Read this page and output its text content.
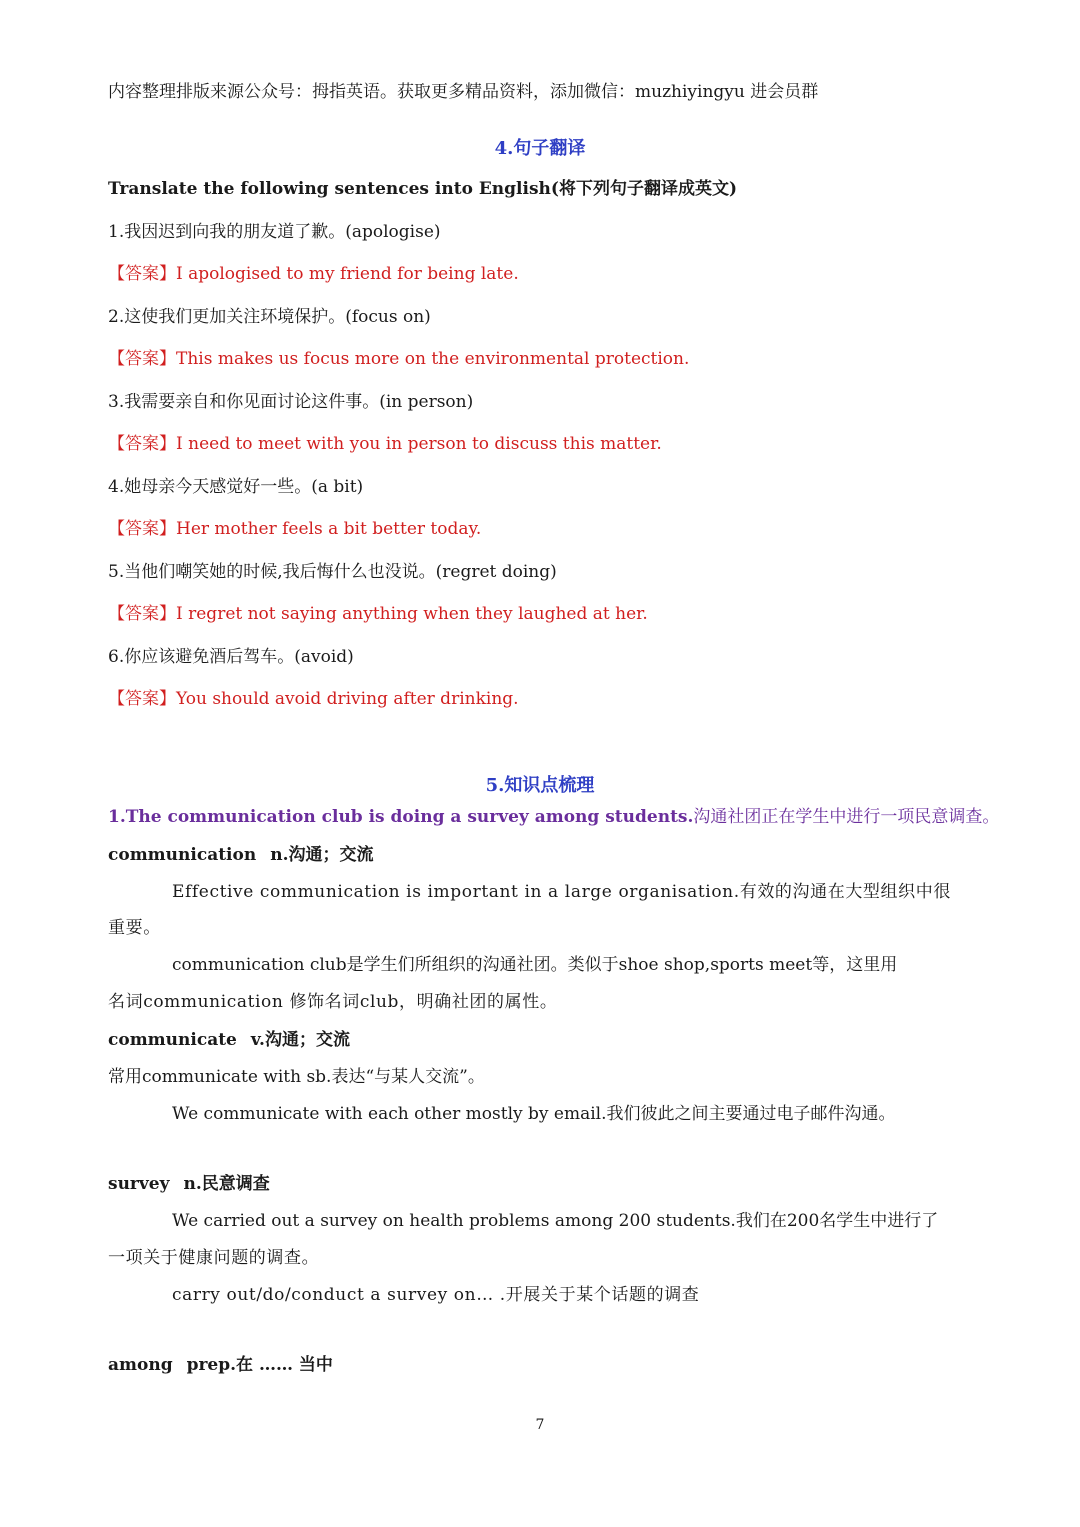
内容整理排版来源公众号：拇指英语。获取更多精品资料，添加微信：muzhiyingyu 进会员群
4.句子翻译
Translate the following sentences into English(将下列句子翻译成英文)
1.我因迟到向我的朋友道了歉。(apologise)
【答案】I apologised to my friend for being late.
2.这使我们更加关注环境保护。(focus on)
【答案】This makes us focus more on the environmental protection.
3.我需要亲自和你见面讨论这件事。(in person)
【答案】I need to meet with you in person to discuss this matter.
4.她母亲今天感觉好一些。(a bit)
【答案】Her mother feels a bit better today.
5.当他们嘲笑她的时候,我后悔什么也没说。(regret doing)
【答案】I regret not saying anything when they laughed at her.
6.你应该避免酒后驾车。(avoid)
【答案】You should avoid driving after drinking.
5.知识点梳理
1.The communication club is doing a survey among students.沟通社团正在学生中进行一项民意调查。
communication n.沟通；交流
Effective communication is important in a large organisation.有效的沟通在大型组织中很
重要。
communication club是学生们所组织的沟通社团。类似于shoe shop,sports meet等，这里用
名词communication 修饰名词club，明确社团的属性。
communicate v.沟通；交流
常用communicate with sb.表达“与某人交流”。
We communicate with each other mostly by email.我们彼此之间主要通过电子邮件沟通。
survey n.民意调查
We carried out a survey on health problems among 200 students.我们在200名学生中进行了
一项关于健康问题的调查。
carry out/do/conduct a survey on… .开展关于某个话题的调查
among prep.在 …… 当中
7
